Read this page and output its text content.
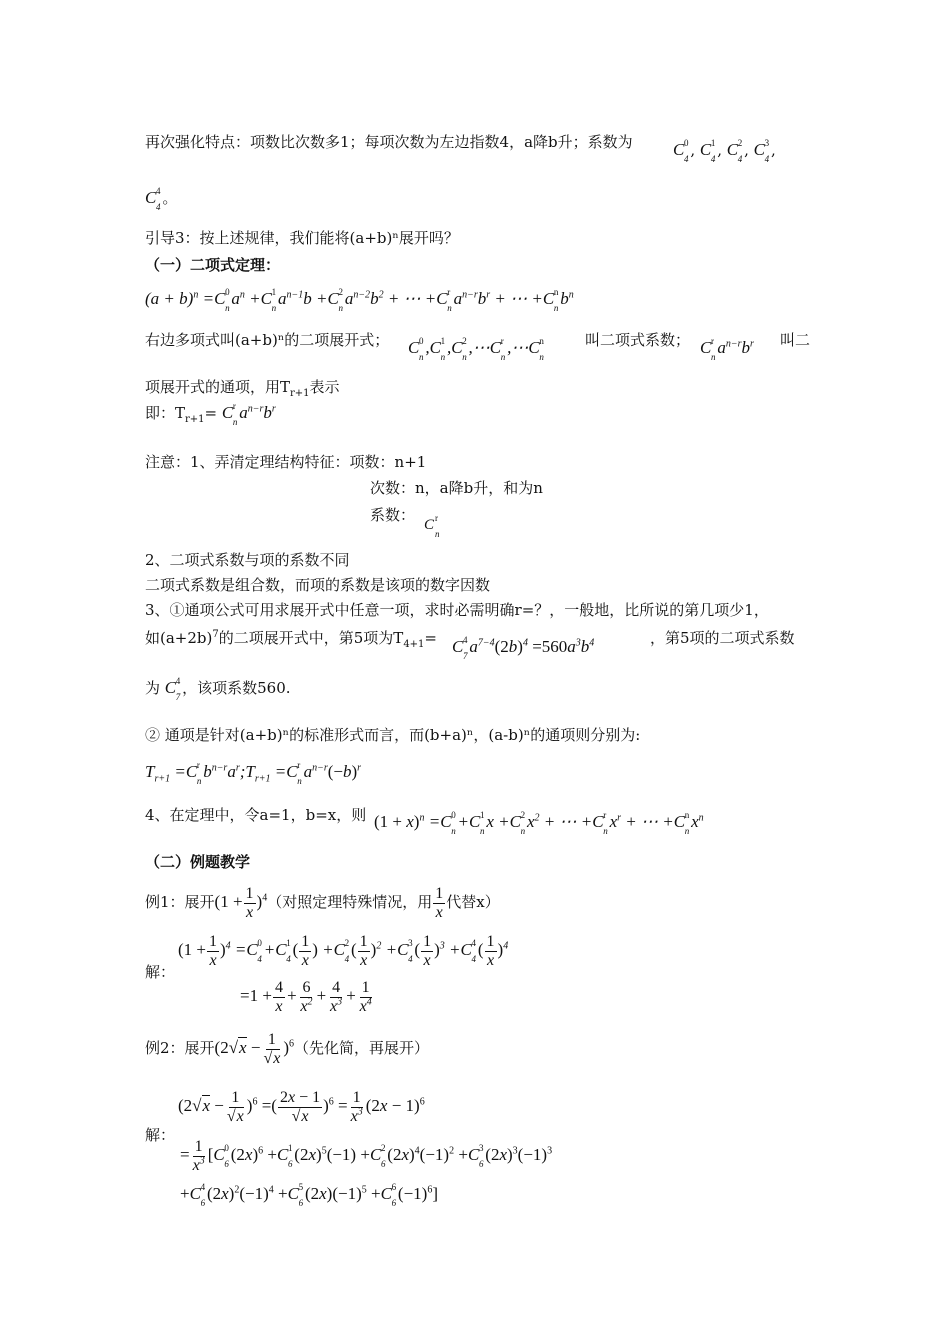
再次强化特点：项数比次数多1；每项次数为左边指数4，a降b升；系数为 C 0
4 , C 1
4 , C 2
4 , C 3
4 ,
C 4
4 。
引导3：按上述规律，我们能将(a+b)ⁿ展开吗？
（一）二项式定理：
$(a + b)^n =C$ 0
n $a^n +C$ 1
n $a^{n-1}b +C$ 2
n $a^{n-2}b^2$ + ⋯ +C r
n $a^{n-r}b^r$ + ⋯ +C n
n $b^n$
右边多项式叫(a+b)ⁿ的二项展开式； C 0
n ,C 1
n ,C 2
n ,⋯C r
n ,⋯C n
n
叫二项式系数； C r
n $a^{n-r}b^r$ 叫二
项展开式的通项，用$T_{r+1}$表示
即：$T_{r+1}= C$ r
n $a^{n-r}b^r$
注意：1、弄清定理结构特征：项数：n+1
次数：n，a降b升，和为n
系数：
C r
n
2、二项式系数与项的系数不同
二项式系数是组合数，而项的系数是该项的数字因数
3、①通项公式可用求展开式中任意一项，求时必需明确r=？，一般地，比所说的第几项少1，
如$(a+2b)^7$的二项展开式中，第5项为$T_{4+1}= C$ 4
7 $a^{7-4}(2b)^4 =560a^3b^4$	，第5项的二项式系数
为 C 4
7 ，该项系数560.
② 通项是针对(a+b)ⁿ的标准形式而言，而(b+a)ⁿ，(a-b)ⁿ的通项则分别为:
$T_{r+1} =C$ r
n $b^{n-r}a^r;T_{r+1} =C$ r
n $a^{n-r}(-b)^r$
4、在定理中，令a=1，b=x，则 $(1 + x)^n =C$ 0
n +C 1
n x +C 2
n $x^2$ + ⋯ +C r
n $x^r$ + ⋯ +C n
n $x^n$
（二）例题教学
例1：展开$(1 + \frac{1}{x} )^4$（对照定理特殊情况，用 $\frac{1}{x}$ 代替x）
$(1 + \frac{1}{x} )^4 =C$ 0
4 +C 1
4 ( $\frac{1}{x}$ ) +C 2
4 ( $\frac{1}{x} )^2 +C$ 3
4 ( $\frac{1}{x} )^3 +C$ 4
4 ( $\frac{1}{x} )^4$
解：
$=1 + \frac{4}{x} + \frac{6}{x^2} + \frac{4}{x^3} + \frac{1}{x^4}$
例2：展开$(2√x - \frac{1}{√x} )^6$（先化简，再展开）
$(2√x - \frac{1}{√x} )^6$ =( $\frac{2x - 1}{√x} )^6 = \frac{1}{x^3} (2x - 1)^6$
解：
= $\frac{1}{x^3} [C$ 0
6 $(2x)^6 +C$ 1
6 $(2x)^5(-1) +C$ 2
6 $(2x)^4(-1)^2 +C$ 3
6 $(2x)^3(-1)^3$
+C 4
6 $(2x)^2(-1)^4 +C$ 5
6 $(2x)(-1)^5 +C$ 6
6 $(-1)^6$]
